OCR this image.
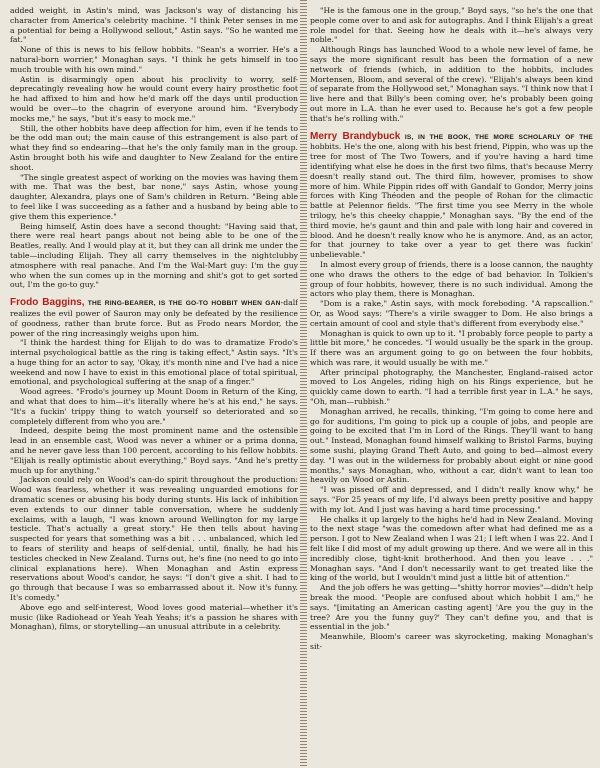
added weight, in Astin's mind, was Jackson's way of distancing his character from America's celebrity machine. "I think Peter senses in me a potential for being a Hollywood sellout," Astin says. "So he wanted me fat."

None of this is news to his fellow hobbits. "Sean's a worrier. He's a natural-born worrier," Monaghan says. "I think he gets himself in too much trouble with his own mind."

Astin is disarmingly open about his proclivity to worry, self-deprecatingly revealing how he would count every hairy prosthetic foot he had affixed to him and how he'd mark off the days until production would be over—to the chagrin of everyone around him. "Everybody mocks me," he says, "but it's easy to mock me."

Still, the other hobbits have deep affection for him, even if he tends to be the odd man out; the main cause of this estrangement is also part of what they find so endearing—that he's the only family man in the group. Astin brought both his wife and daughter to New Zealand for the entire shoot.

"The single greatest aspect of working on the movies was having them with me. That was the best, bar none," says Astin, whose young daughter, Alexandra, plays one of Sam's children in Return. "Being able to feel like I was succeeding as a father and a husband by being able to give them this experience."

Being himself, Astin does have a second thought: "Having said that, there were real heart pangs about not being able to be one of the Beatles, really. And I would play at it, but they can all drink me under the table—including Elijah. They all carry themselves in the nightclubby atmosphere with real panache. And I'm the Wal-Mart guy: I'm the guy who when the sun comes up in the morning and shit's got to get sorted out, I'm the go-to guy."

Frodo Baggins, THE RING-BEARER, IS THE GO-TO HOBBIT WHEN GAN-dalf realizes the evil power of Sauron may only be defeated by the resilience of goodness, rather than brute force. But as Frodo nears Mordor, the power of the ring increasingly weighs upon him.

"I think the hardest thing for Elijah to do was to dramatize Frodo's internal psychological battle as the ring is taking effect," Astin says. "It's a huge thing for an actor to say, 'Okay, it's month nine and I've had a nice weekend and now I have to exist in this emotional place of total spiritual, emotional, and psychological suffering at the snap of a finger."

Wood agrees. "Frodo's journey up Mount Doom in Return of the King, and what that does to him—it's literally where he's at his end," he says. "It's a fuckin' trippy thing to watch yourself so deteriorated and so completely different from who you are."

Indeed, despite being the most prominent name and the ostensible lead in an ensemble cast, Wood was never a whiner or a prima donna, and he never gave less than 100 percent, according to his fellow hobbits. "Elijah is really optimistic about everything," Boyd says. "And he's pretty much up for anything."

Jackson could rely on Wood's can-do spirit throughout the production: Wood was fearless, whether it was revealing unguarded emotions for dramatic scenes or abusing his body during stunts. His lack of inhibition even extends to our dinner table conversation, where he suddenly exclaims, with a laugh, "I was known around Wellington for my large testicle. That's actually a great story." He then tells about having suspected for years that something was a bit . . . unbalanced, which led to fears of sterility and heaps of self-denial, until, finally, he had his testicles checked in New Zealand. Turns out, he's fine (no need to go into clinical explanations here). When Monaghan and Astin express reservations about Wood's candor, he says: "I don't give a shit. I had to go through that because I was so embarrassed about it. Now it's funny. It's comedy."

Above ego and self-interest, Wood loves good material—whether it's music (like Radiohead or Yeah Yeah Yeahs; it's a passion he shares with Monaghan), films, or storytelling—an unusual attribute in a celebrity.

"He is the famous one in the group," Boyd says, "so he's the one that people come over to and ask for autographs. And I think Elijah's a great role model for that. Seeing how he deals with it—he's always very noble."

Although Rings has launched Wood to a whole new level of fame, he says the more significant result has been the formation of a new network of friends (which, in addition to the hobbits, includes Mortensen, Bloom, and several of the crew). "Elijah's always been kind of separate from the Hollywood set," Monaghan says. "I think now that I live here and that Billy's been coming over, he's probably been going out more in L.A. than he ever used to. Because he's got a few people that's he's rolling with."

Merry Brandybuck IS, IN THE BOOK, THE MORE SCHOLARLY OF THE hobbits. He's the one, along with his best friend, Pippin, who was up the tree for most of The Two Towers, and if you're having a hard time identifying what else he does in the first two films, that's because Merry doesn't really stand out. The third film, however, promises to show more of him. While Pippin rides off with Gandalf to Gondor, Merry joins forces with King Théoden and the people of Rohan for the climactic battle at Pelennor fields. "The first time you see Merry in the whole trilogy, he's this cheeky chappie," Monaghan says. "By the end of the third movie, he's gaunt and thin and pale with long hair and covered in blood. And he doesn't really know who he is anymore. And, as an actor, for that journey to take over a year to get there was fuckin' unbelievable."

In almost every group of friends, there is a loose cannon, the naughty one who draws the others to the edge of bad behavior. In Tolkien's group of four hobbits, however, there is no such individual. Among the actors who play them, there is Monaghan.

"Dom is a rake," Astin says, with mock foreboding. "A rapscallion." Or, as Wood says: "There's a virile swagger to Dom. He also brings a certain amount of cool and style that's different from everybody else."

Monaghan is quick to own up to it. "I probably force people to party a little bit more," he concedes. "I would usually be the spark in the group. If there was an argument going to go on between the four hobbits, which was rare, it would usually be with me."

After principal photography, the Manchester, England–raised actor moved to Los Angeles, riding high on his Rings experience, but he quickly came down to earth. "I had a terrible first year in L.A." he says, "Oh, man—rubbish."

Monaghan arrived, he recalls, thinking, "I'm going to come here and go for auditions, I'm going to pick up a couple of jobs, and people are going to be excited that I'm in Lord of the Rings. They'll want to hang out." Instead, Monaghan found himself walking to Bristol Farms, buying some sushi, playing Grand Theft Auto, and going to bed—almost every day. "I was out in the wilderness for probably about eight or nine good months," says Monaghan, who, without a car, didn't want to lean too heavily on Wood or Astin.

"I was pissed off and depressed, and I didn't really know why," he says. "For 25 years of my life, I'd always been pretty positive and happy with my lot. And I just was having a hard time processing."

He chalks it up largely to the highs he'd had in New Zealand. Moving to the next stage "was the comedown after what had defined me as a person. I got to New Zealand when I was 21; I left when I was 22. And I felt like I did most of my adult growing up there. And we were all in this incredibly close, tight-knit brotherhood. And then you leave . . ." Monaghan says. "And I don't necessarily want to get treated like the king of the world, but I wouldn't mind just a little bit of attention."

And the job offers he was getting—"shitty horror movies"—didn't help break the mood. "People are confused about which hobbit I am," he says. "[imitating an American casting agent] 'Are you the guy in the tree? Are you the funny guy?' They can't define you, and that is essential in the job."

Meanwhile, Bloom's career was skyrocketing, making Monaghan's sit-
